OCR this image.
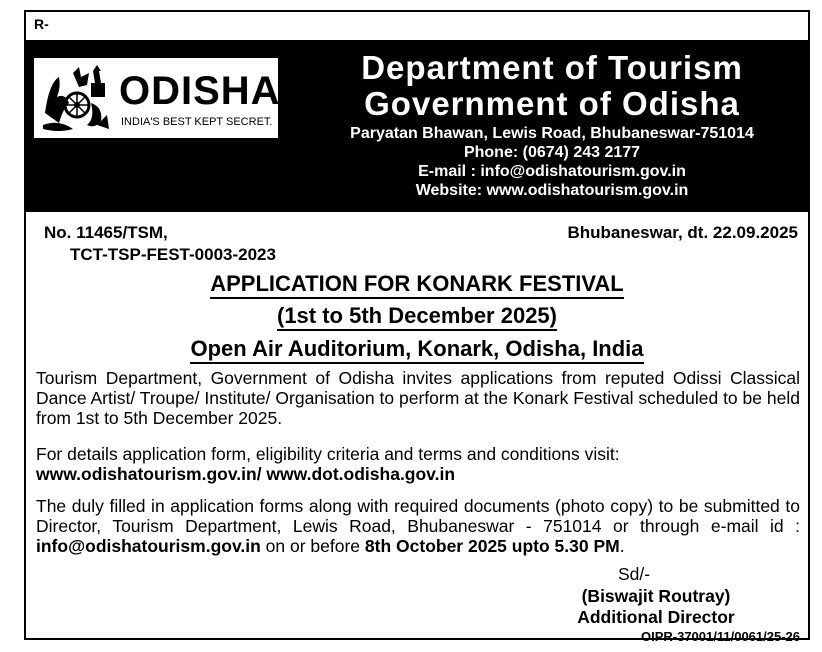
R-
ODISHA
INDIA'S BEST KEPT SECRET.
Department of Tourism
Government of Odisha
Paryatan Bhawan, Lewis Road, Bhubaneswar-751014
Phone: (0674) 243 2177
E-mail : info@odishatourism.gov.in
Website: www.odishatourism.gov.in
No. 11465/TSM,
TCT-TSP-FEST-0003-2023
Bhubaneswar, dt. 22.09.2025
APPLICATION FOR KONARK FESTIVAL
(1st to 5th December 2025)
Open Air Auditorium, Konark, Odisha, India
Tourism Department, Government of Odisha invites applications from reputed Odissi Classical Dance Artist/ Troupe/ Institute/ Organisation to perform at the Konark Festival scheduled to be held from 1st to 5th December 2025.
For details application form, eligibility criteria and terms and conditions visit:
www.odishatourism.gov.in/ www.dot.odisha.gov.in
The duly filled in application forms along with required documents (photo copy) to be submitted to Director, Tourism Department, Lewis Road, Bhubaneswar - 751014 or through e-mail id : info@odishatourism.gov.in on or before 8th October 2025 upto 5.30 PM.
Sd/-
(Biswajit Routray)
Additional Director
OIPR-37001/11/0061/25-26
